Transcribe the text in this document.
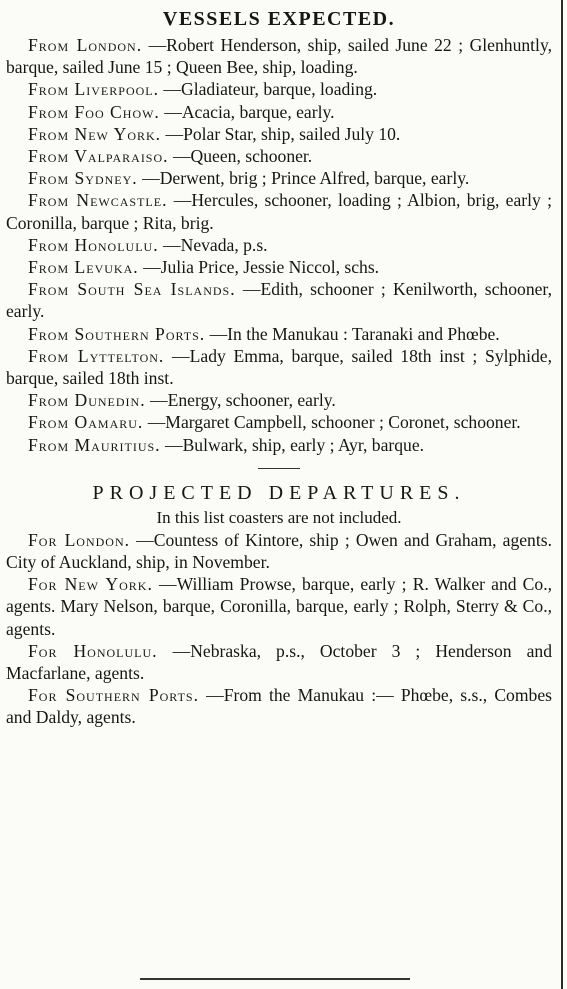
VESSELS EXPECTED.

From London. —Robert Henderson, ship, sailed June 22 ; Glenhuntly, barque, sailed June 15 ; Queen Bee, ship, loading.

From Liverpool. —Gladiateur, barque, loading.

From Foo Chow. —Acacia, barque, early.

From New York. —Polar Star, ship, sailed July 10.

From Valparaiso. —Queen, schooner.

From Sydney. —Derwent, brig ; Prince Alfred, barque, early.

From Newcastle. —Hercules, schooner, loading ; Albion, brig, early ; Coronilla, barque ; Rita, brig.

From Honolulu. —Nevada, p.s.

From Levuka. —Julia Price, Jessie Niccol, schs.

From South Sea Islands. —Edith, schooner ; Kenilworth, schooner, early.

From Southern Ports. —In the Manukau : Taranaki and Phœbe.

From Lyttelton. —Lady Emma, barque, sailed 18th inst ; Sylphide, barque, sailed 18th inst.

From Dunedin. —Energy, schooner, early.

From Oamaru. —Margaret Campbell, schooner ; Coronet, schooner.

From Mauritius. —Bulwark, ship, early ; Ayr, barque.

PROJECTED DEPARTURES.

In this list coasters are not included.

For London. —Countess of Kintore, ship ; Owen and Graham, agents. City of Auckland, ship, in November.

For New York. —William Prowse, barque, early ; R. Walker and Co., agents. Mary Nelson, barque, Coronilla, barque, early ; Rolph, Sterry & Co., agents.

For Honolulu. —Nebraska, p.s., October 3 ; Henderson and Macfarlane, agents.

For Southern Ports. —From the Manukau :— Phœbe, s.s., Combes and Daldy, agents.
